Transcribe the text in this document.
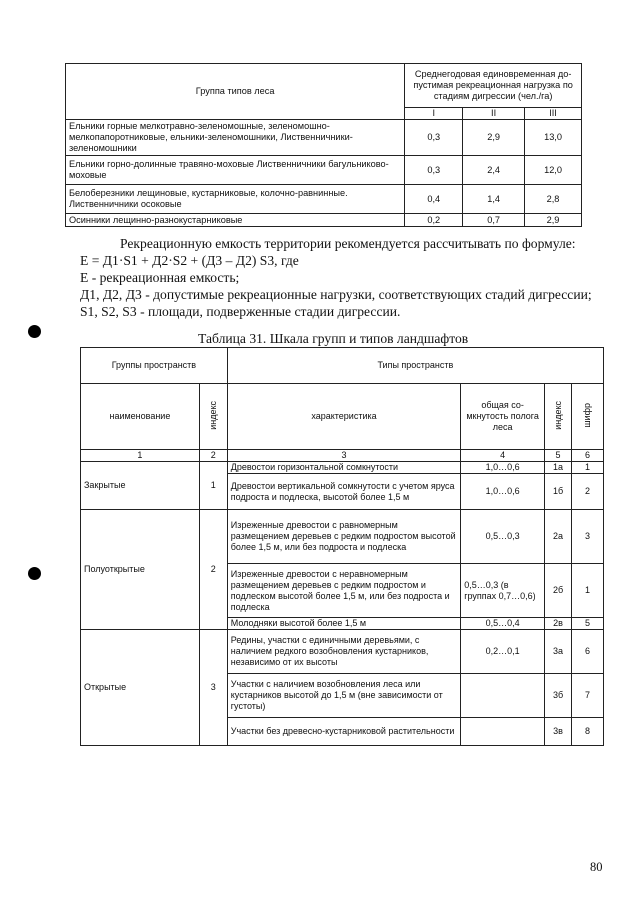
Группа типов леса	Среднегодовая единовременная до-пустимая рекреационная нагрузка по стадиям дигрессии (чел./га)		
	I	II	III
Ельники горные мелкотравно-зеленомошные, зеленомошно-мелкопапоротниковые, ельники-зеленомошники, Лиственничники-зеленомошники	0,3	2,9	13,0
Ельники горно-долинные травяно-моховые Лиственничники багульниково-моховые	0,3	2,4	12,0
Белоберезники лещиновые, кустарниковые, колочно-равнинные. Лиственничники осоковые	0,4	1,4	2,8
Осинники лещинно-разнокустарниковые	0,2	0,7	2,9
Рекреационную емкость территории рекомендуется рассчитывать по формуле:
E = Д1·S1 + Д2·S2 + (Д3 – Д2) S3, где
E - рекреационная емкость;
Д1, Д2, Д3 - допустимые рекреационные нагрузки, соответствующих стадий дигрессии;
S1, S2, S3 - площади, подверженные стадии дигрессии.
Таблица 31. Шкала групп и типов ландшафтов
Группы пространств		Типы пространств			
наименование	индекс	характеристика	общая со-мкнутость полога леса	индекс	шифр
1	2	3	4	5	6
Закрытые	1	Древостои горизонтальной сомкнутости	1,0…0,6	1а	1
		Древостои вертикальной сомкнутости с учетом яруса подроста и подлеска, высотой более 1,5 м	1,0…0,6	1б	2
Полуоткрытые	2	Изреженные древостои с равномерным размещением деревьев с редким подростом высотой более 1,5 м, или без подроста и подлеска	0,5…0,3	2а	3
		Изреженные древостои с неравномерным размещением деревьев с редким подростом и подлеском высотой более 1,5 м, или без подроста и подлеска	0,5…0,3 (в группах 0,7…0,6)	2б	1
		Молодняки высотой более 1,5 м	0,5…0,4	2в	5
Открытые	3	Редины, участки с единичными деревьями, с наличием редкого возобновления кустарников, независимо от их высоты	0,2…0,1	3а	6
		Участки с наличием возобновления леса или кустарников высотой до 1,5 м (вне зависимости от густоты)		3б	7
		Участки без древесно-кустарниковой растительности		3в	8
80
